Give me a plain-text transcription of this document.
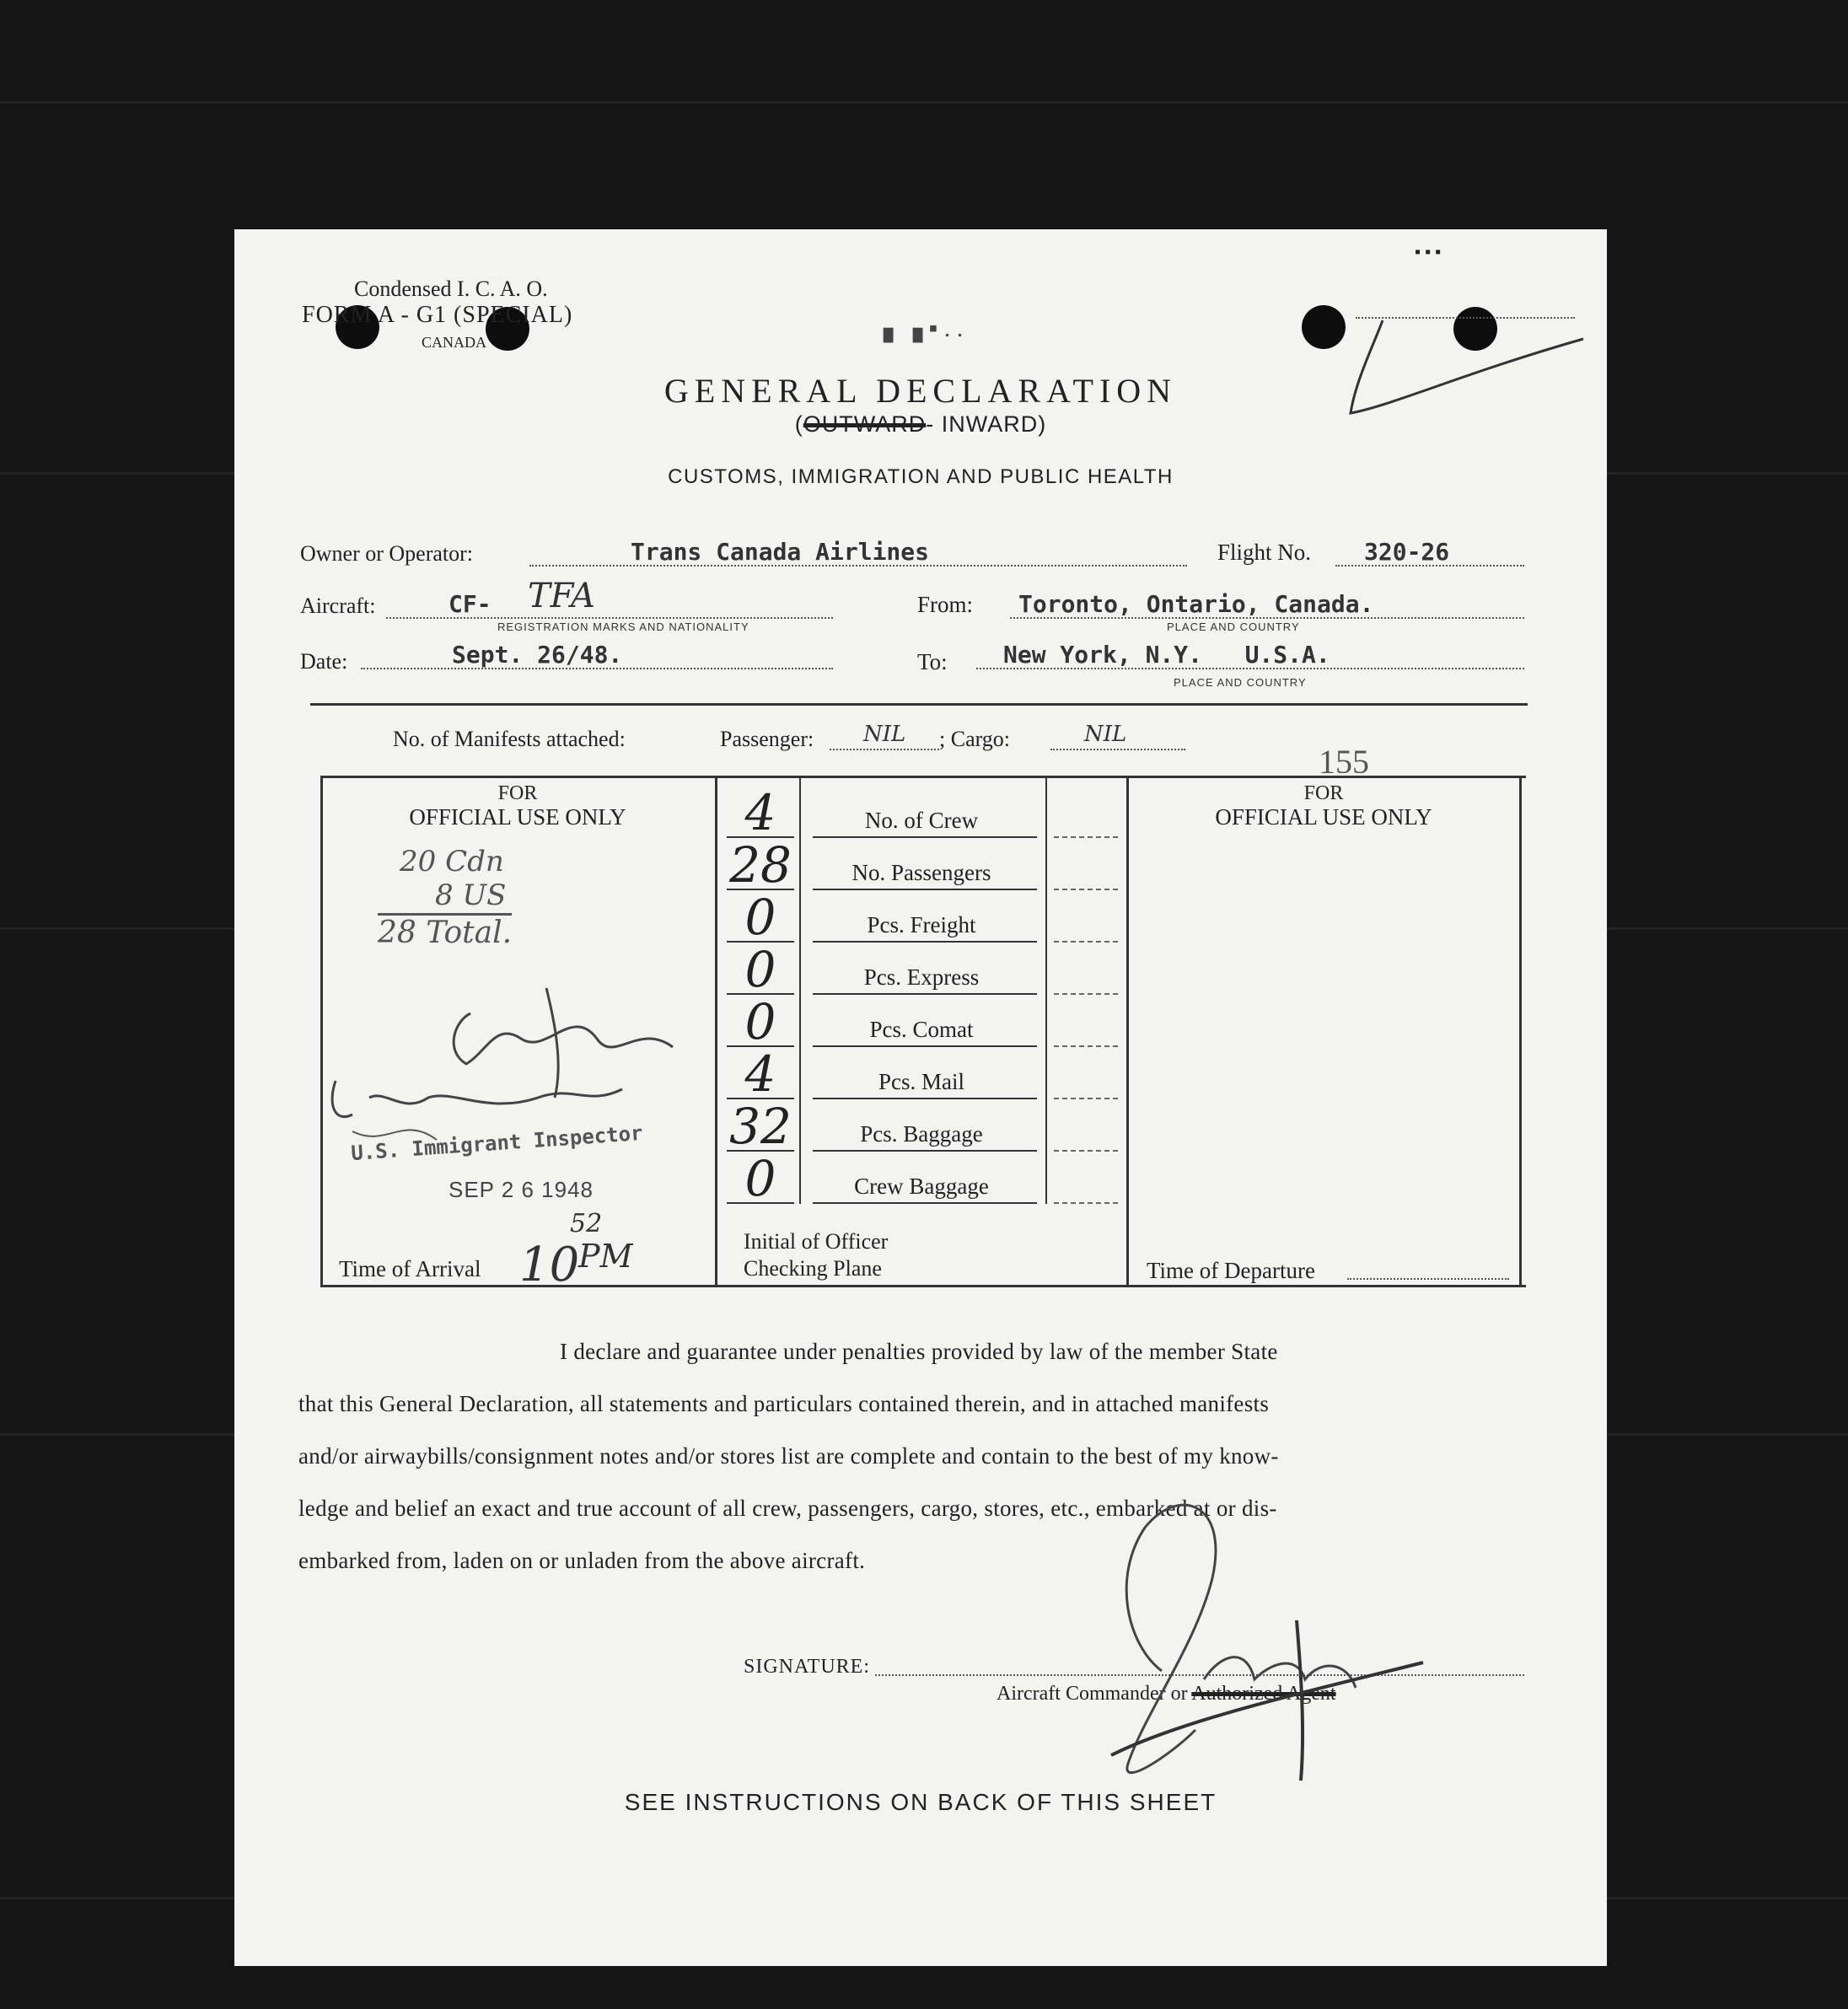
▪ ▪ ▪
Condensed I. C. A. O.
FORM A - G1 (SPECIAL)
CANADA	▖▗ ▪ . .
GENERAL DECLARATION
(OUTWARD- INWARD)
CUSTOMS, IMMIGRATION AND PUBLIC HEALTH
Owner or Operator:	Trans Canada Airlines	Flight No. 320-26
Aircraft:	CF- TFA
REGISTRATION MARKS AND NATIONALITY
From: Toronto, Ontario, Canada.
PLACE AND COUNTRY
Date:	Sept. 26/48.	To: New York, N.Y.   U.S.A.
PLACE AND COUNTRY
No. of Manifests attached:	Passenger: NIL ; Cargo:	NIL
155
FOR
OFFICIAL USE ONLY
20 Cdn
8 US
28 Total.
U.S. Immigrant Inspector
SEP 2 6 1948
Time of Arrival 10
52
PM
4	No. of Crew
28	No. Passengers
0	Pcs. Freight
0	Pcs. Express
0	Pcs. Comat
4	Pcs. Mail
32	Pcs. Baggage
0	Crew Baggage
Initial of Officer
Checking Plane
FOR
OFFICIAL USE ONLY
Time of Departure

I declare and guarantee under penalties provided by law of the member State

that this General Declaration, all statements and particulars contained therein, and in attached manifests

and/or airwaybills/consignment notes and/or stores list are complete and contain to the best of my know-

ledge and belief an exact and true account of all crew, passengers, cargo, stores, etc., embarked at or dis-

embarked from, laden on or unladen from the above aircraft.

SIGNATURE:
Aircraft Commander or Authorized Agent
SEE INSTRUCTIONS ON BACK OF THIS SHEET
